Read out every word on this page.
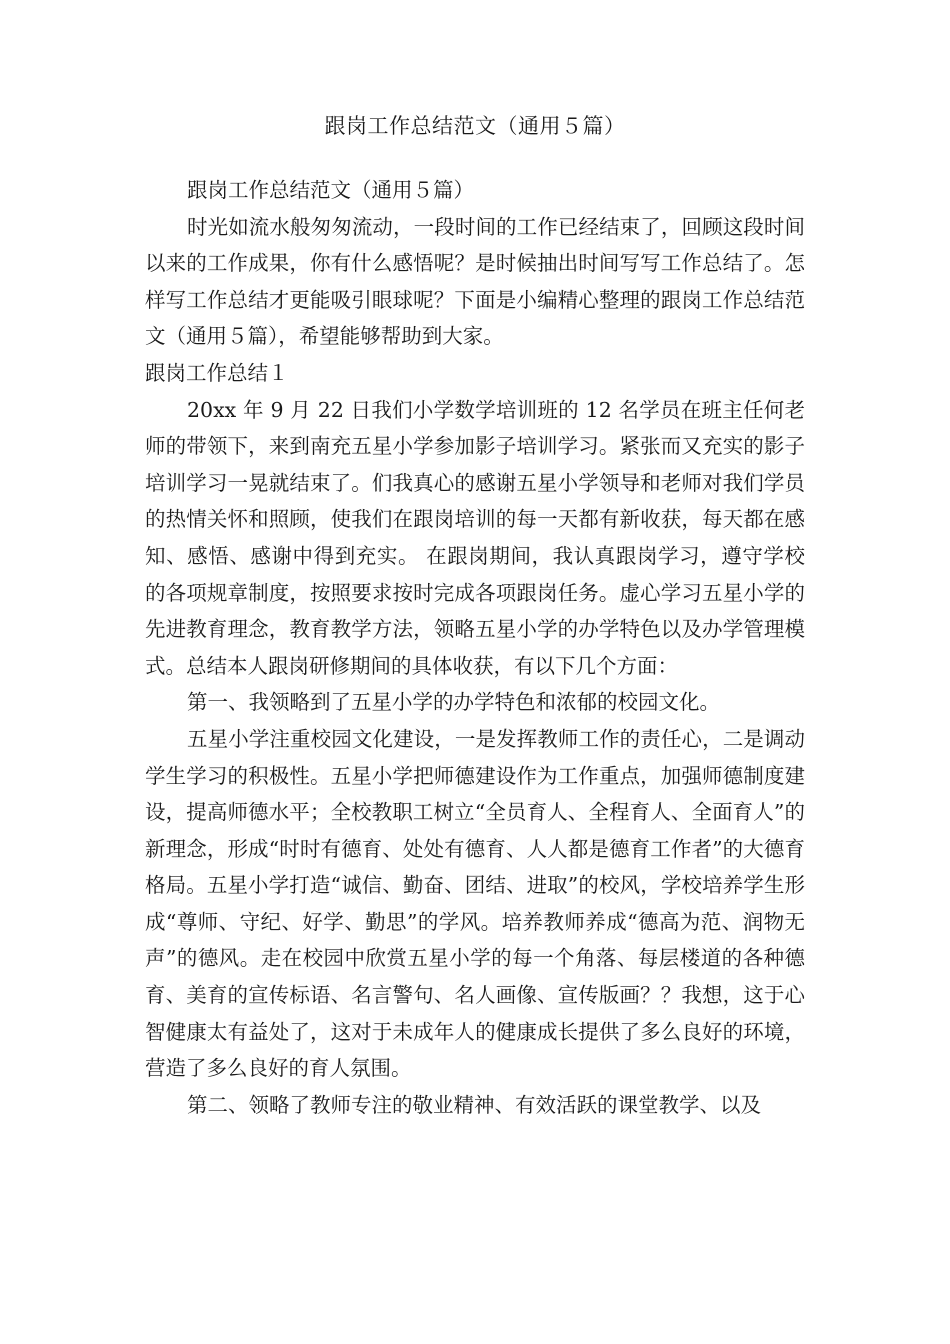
跟岗工作总结范文（通用５篇）

跟岗工作总结范文（通用５篇）

时光如流水般匆匆流动，一段时间的工作已经结束了，回顾这段时间以来的工作成果，你有什么感悟呢？是时候抽出时间写写工作总结了。怎样写工作总结才更能吸引眼球呢？下面是小编精心整理的跟岗工作总结范文（通用５篇），希望能够帮助到大家。

跟岗工作总结１

20xx 年 9 月 22 日我们小学数学培训班的 12 名学员在班主任何老师的带领下，来到南充五星小学参加影子培训学习。紧张而又充实的影子培训学习一晃就结束了。们我真心的感谢五星小学领导和老师对我们学员的热情关怀和照顾，使我们在跟岗培训的每一天都有新收获，每天都在感知、感悟、感谢中得到充实。 在跟岗期间，我认真跟岗学习，遵守学校的各项规章制度，按照要求按时完成各项跟岗任务。虚心学习五星小学的先进教育理念，教育教学方法，领略五星小学的办学特色以及办学管理模式。总结本人跟岗研修期间的具体收获，有以下几个方面：

第一、我领略到了五星小学的办学特色和浓郁的校园文化。

五星小学注重校园文化建设，一是发挥教师工作的责任心，二是调动学生学习的积极性。五星小学把师德建设作为工作重点，加强师德制度建设，提高师德水平；全校教职工树立“全员育人、全程育人、全面育人”的新理念，形成“时时有德育、处处有德育、人人都是德育工作者”的大德育格局。五星小学打造“诚信、勤奋、团结、进取”的校风，学校培养学生形成“尊师、守纪、好学、勤思”的学风。培养教师养成“德高为范、润物无声”的德风。走在校园中欣赏五星小学的每一个角落、每层楼道的各种德育、美育的宣传标语、名言警句、名人画像、宣传版画？？我想，这于心智健康太有益处了，这对于未成年人的健康成长提供了多么良好的环境，营造了多么良好的育人氛围。

第二、领略了教师专注的敬业精神、有效活跃的课堂教学、以及
